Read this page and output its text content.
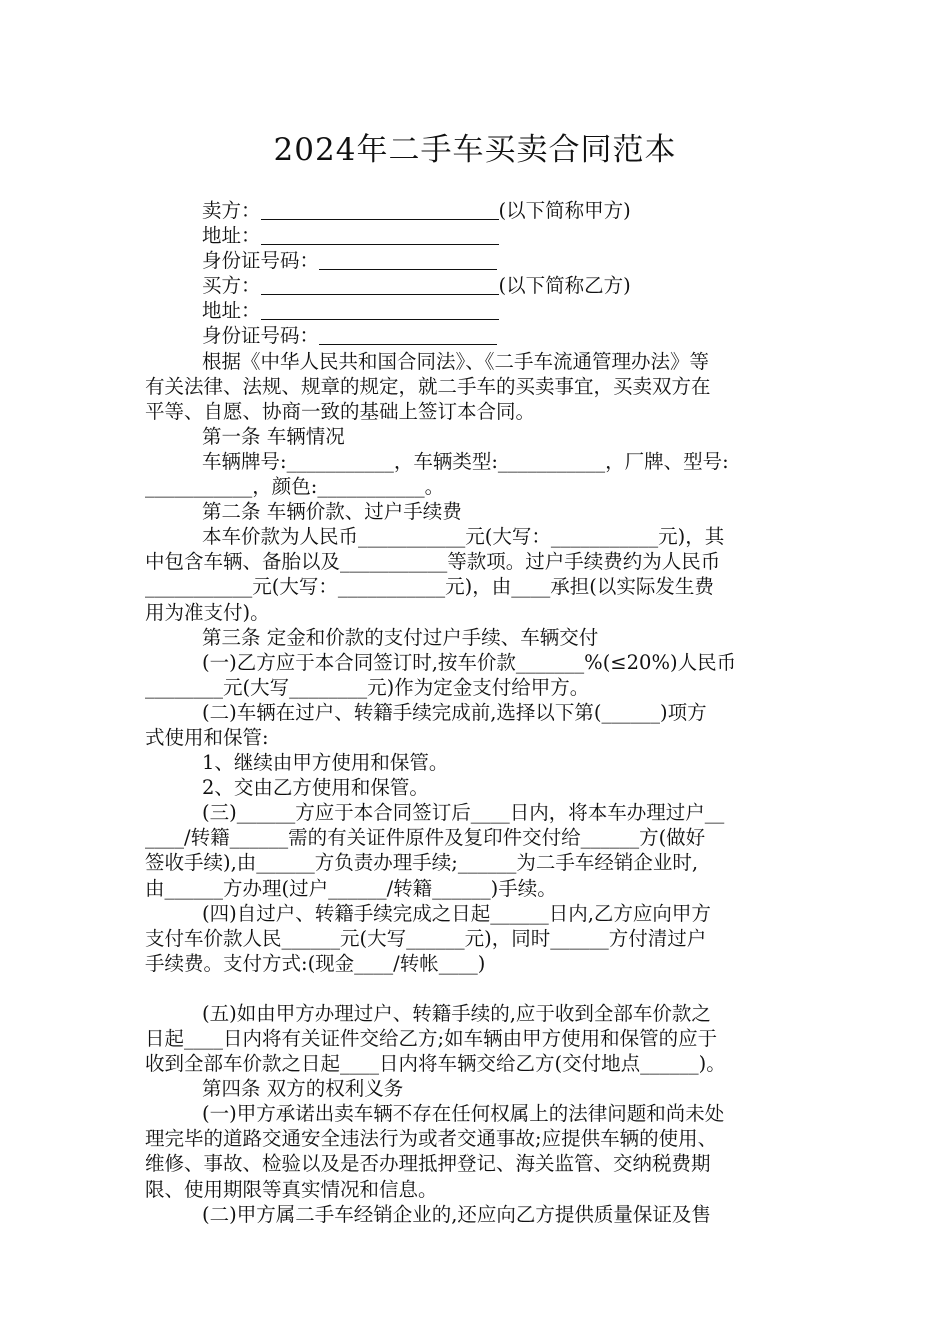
2024年二手车买卖合同范本
卖方：	(以下简称甲方)
地址：
身份证号码：
买方：	(以下简称乙方)
地址：
身份证号码：
根据《中华人民共和国合同法》、《二手车流通管理办法》等
有关法律、法规、规章的规定，就二手车的买卖事宜，买卖双方在
平等、自愿、协商一致的基础上签订本合同。
第一条 车辆情况
车辆牌号:___________，车辆类型:___________，厂牌、型号:
___________，颜色:___________。
第二条 车辆价款、过户手续费
本车价款为人民币___________元(大写：___________元)，其
中包含车辆、备胎以及___________等款项。过户手续费约为人民币
___________元(大写：___________元)，由____承担(以实际发生费
用为准支付)。
第三条 定金和价款的支付过户手续、车辆交付
(一)乙方应于本合同签订时,按车价款_______%(≤20%)人民币
________元(大写________元)作为定金支付给甲方。
(二)车辆在过户、转籍手续完成前,选择以下第(______)项方
式使用和保管:
1、继续由甲方使用和保管。
2、交由乙方使用和保管。
(三)______方应于本合同签订后____日内，将本车办理过户__
____/转籍______需的有关证件原件及复印件交付给______方(做好
签收手续),由______方负责办理手续;______为二手车经销企业时,
由______方办理(过户______/转籍______)手续。
(四)自过户、转籍手续完成之日起______日内,乙方应向甲方
支付车价款人民______元(大写______元)，同时______方付清过户
手续费。支付方式:(现金____/转帐____)
(五)如由甲方办理过户、转籍手续的,应于收到全部车价款之
日起____日内将有关证件交给乙方;如车辆由甲方使用和保管的应于
收到全部车价款之日起____日内将车辆交给乙方(交付地点______)。
第四条 双方的权利义务
(一)甲方承诺出卖车辆不存在任何权属上的法律问题和尚未处
理完毕的道路交通安全违法行为或者交通事故;应提供车辆的使用、
维修、事故、检验以及是否办理抵押登记、海关监管、交纳税费期
限、使用期限等真实情况和信息。
(二)甲方属二手车经销企业的,还应向乙方提供质量保证及售
